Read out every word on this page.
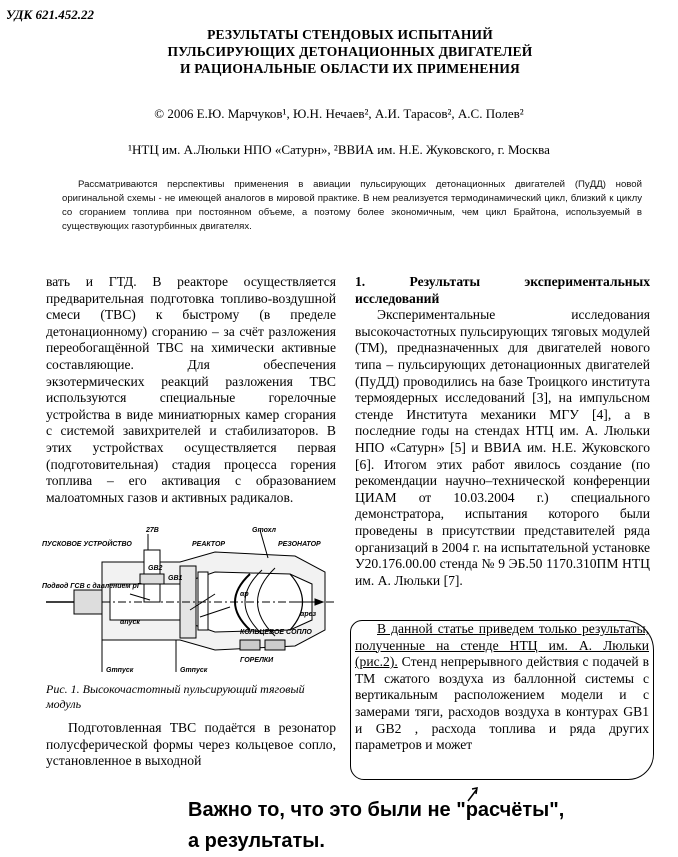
УДК 621.452.22
РЕЗУЛЬТАТЫ СТЕНДОВЫХ ИСПЫТАНИЙ
ПУЛЬСИРУЮЩИХ ДЕТОНАЦИОННЫХ ДВИГАТЕЛЕЙ
И РАЦИОНАЛЬНЫЕ ОБЛАСТИ ИХ ПРИМЕНЕНИЯ
© 2006 Е.Ю. Марчуков¹, Ю.Н. Нечаев², А.И. Тарасов², А.С. Полев²
¹НТЦ им. А.Люльки НПО «Сатурн», ²ВВИА им. Н.Е. Жуковского, г. Москва
Рассматриваются перспективы применения в авиации пульсирующих детонационных двигателей (ПуДД) новой оригинальной схемы - не имеющей аналогов в мировой практике. В нем реализуется термодинамический цикл, близкий к циклу со сгоранием топлива при постоянном объеме, а поэтому более экономичным, чем цикл Брайтона, используемый в существующих газотурбинных двигателях.
вать и ГТД. В реакторе осуществляется предварительная подготовка топливо-воздушной смеси (ТВС) к быстрому (в пределе детонационному) сгоранию – за счёт разложения переобогащённой ТВС на химически активные составляющие. Для обеспечения экзотермических реакций разложения ТВС используются специальные горелочные устройства в виде миниатюрных камер сгорания с системой завихрителей и стабилизаторов. В этих устройствах осуществляется первая (подготовительная) стадия процесса горения топлива – его активация с образованием малоатомных газов и активных радикалов.
27В	Gтохл
ПУСКОВОЕ УСТРОЙСТВО	РЕАКТОР	РЕЗОНАТОР
GB2
GB1
Подвод ГСВ с давлением pГ
αпуск
αр
αрез
КОЛЬЦЕВОЕ СОПЛО
ГОРЕЛКИ
Gтпуск	Gтпуск
Рис. 1. Высокочастотный пульсирующий тяговый модуль
Подготовленная ТВС подаётся в резонатор полусферической формы через кольцевое сопло, установленное в выходной
1. Результаты экспериментальных исследований
Экспериментальные исследования высокочастотных пульсирующих тяговых модулей (ТМ), предназначенных для двигателей нового типа – пульсирующих детонационных двигателей (ПуДД) проводились на базе Троицкого института термоядерных исследований [3], на импульсном стенде Института механики МГУ [4], а в последние годы на стендах НТЦ им. А. Люльки НПО «Сатурн» [5] и ВВИА им. Н.Е. Жуковского [6]. Итогом этих работ явилось создание (по рекомендации научно–технической конференции ЦИАМ от 10.03.2004 г.) специального демонстратора, испытания которого были проведены в присутствии представителей ряда организаций в 2004 г. на испытательной установке У20.176.00.00 стенда № 9 ЭБ.50 1170.310ПМ НТЦ им. А. Люльки [7].
В данной статье приведем только результаты, полученные на стенде НТЦ им. А. Люльки (рис.2). Стенд непрерывного действия с подачей в ТМ сжатого воздуха из баллонной системы с вертикальным расположением модели и с замерами тяги, расходов воздуха в контурах GB1 и GB2 , расхода топлива и ряда других параметров и может
Важно то, что это были не "расчёты",
а результаты.
